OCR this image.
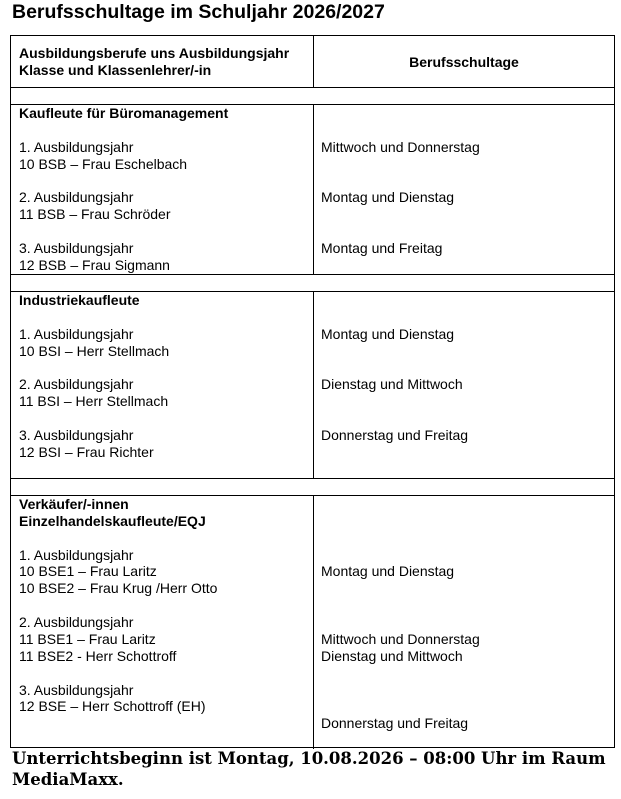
Berufsschultage im Schuljahr 2026/2027
Ausbildungsberufe uns Ausbildungsjahr
Klasse und Klassenlehrer/-in	Berufsschultage
Kaufleute für Büromanagement
1. Ausbildungsjahr
10 BSB – Frau Eschelbach
Mittwoch und Donnerstag
2. Ausbildungsjahr
11 BSB – Frau Schröder
Montag und Dienstag
3. Ausbildungsjahr
12 BSB – Frau Sigmann
Montag und Freitag
Industriekaufleute
1. Ausbildungsjahr
10 BSI – Herr Stellmach
Montag und Dienstag
2. Ausbildungsjahr
11 BSI – Herr Stellmach
Dienstag und Mittwoch
3. Ausbildungsjahr
12 BSI – Frau Richter
Donnerstag und Freitag
Verkäufer/-innen
Einzelhandelskaufleute/EQJ
1. Ausbildungsjahr
10 BSE1 – Frau Laritz
10 BSE2 – Frau Krug /Herr Otto
Montag und Dienstag
2. Ausbildungsjahr
11 BSE1 – Frau Laritz
11 BSE2 - Herr Schottroff
Mittwoch und Donnerstag
Dienstag und Mittwoch
3. Ausbildungsjahr
12 BSE – Herr Schottroff (EH)
Donnerstag und Freitag
Unterrichtsbeginn ist Montag, 10.08.2026 – 08:00 Uhr im Raum
MediaMaxx.
